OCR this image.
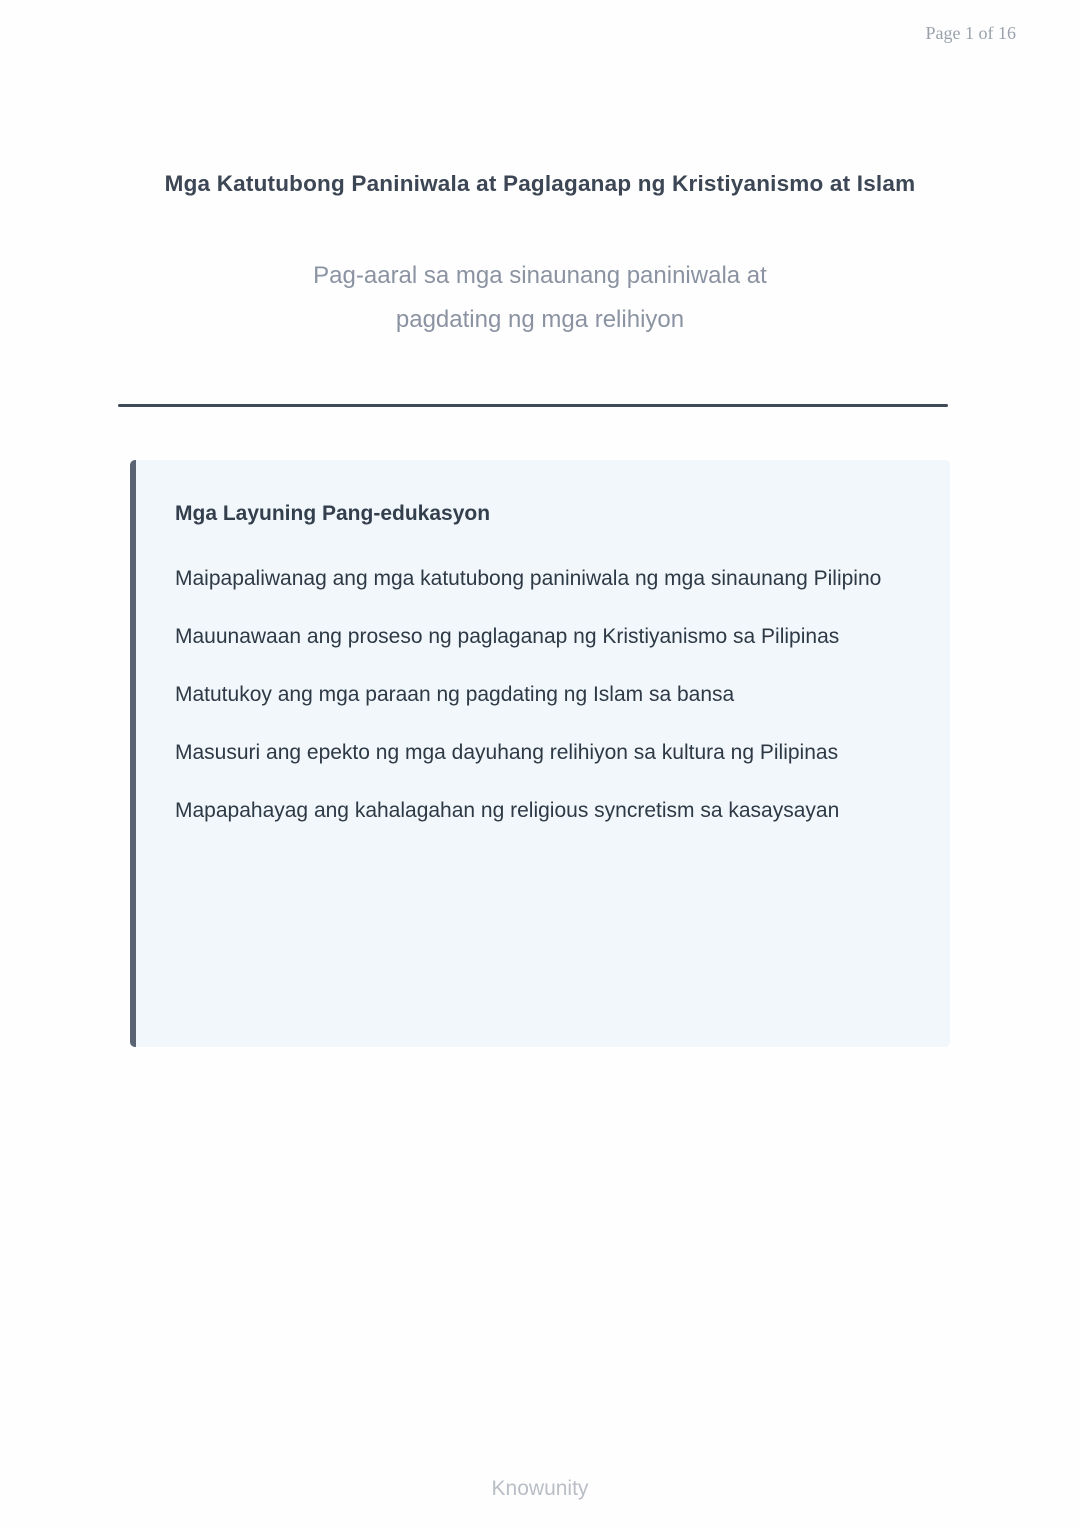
Page 1 of 16
Mga Katutubong Paniniwala at Paglaganap ng Kristiyanismo at Islam
Pag-aaral sa mga sinaunang paniniwala at
pagdating ng mga relihiyon
Mga Layuning Pang-edukasyon

Maipapaliwanag ang mga katutubong paniniwala ng mga sinaunang Pilipino

Mauunawaan ang proseso ng paglaganap ng Kristiyanismo sa Pilipinas

Matutukoy ang mga paraan ng pagdating ng Islam sa bansa

Masusuri ang epekto ng mga dayuhang relihiyon sa kultura ng Pilipinas

Mapapahayag ang kahalagahan ng religious syncretism sa kasaysayan

Knowunity
